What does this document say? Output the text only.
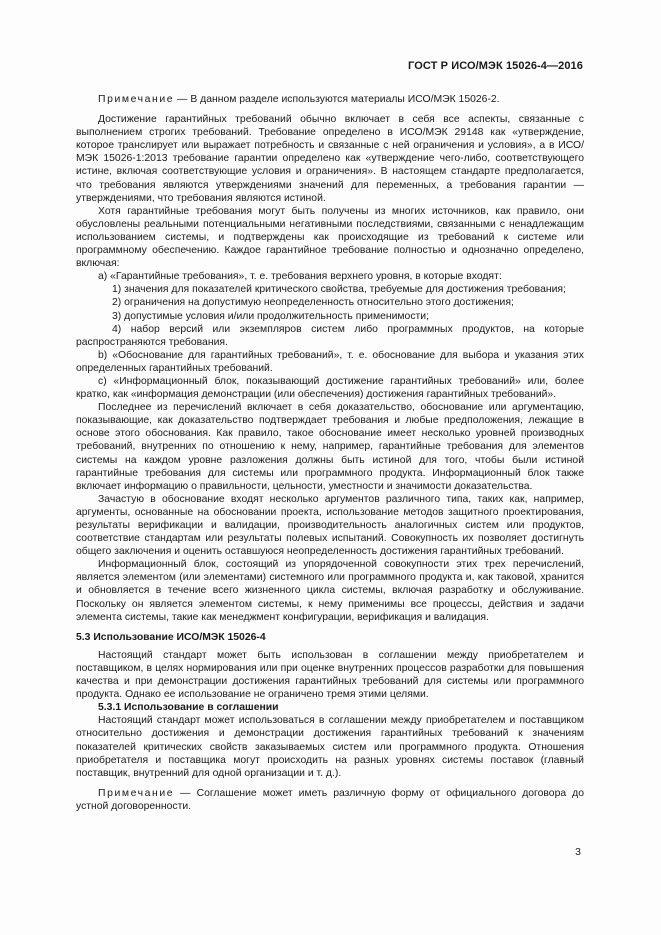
ГОСТ Р ИСО/МЭК 15026-4—2016

Примечание — В данном разделе используются материалы ИСО/МЭК 15026-2.

Достижение гарантийных требований обычно включает в себя все аспекты, связанные с выполнением строгих требований. Требование определено в ИСО/МЭК 29148 как «утверждение, которое транслирует или выражает потребность и связанные с ней ограничения и условия», а в ИСО/МЭК 15026-1:2013 требование гарантии определено как «утверждение чего-либо, соответствующего истине, включая соответствующие условия и ограничения». В настоящем стандарте предполагается, что требования являются утверждениями значений для переменных, а требования гарантии — утверждениями, что требования являются истиной.

Хотя гарантийные требования могут быть получены из многих источников, как правило, они обусловлены реальными потенциальными негативными последствиями, связанными с ненадлежащим использованием системы, и подтверждены как происходящие из требований к системе или программному обеспечению. Каждое гарантийное требование полностью и однозначно определено, включая:

a) «Гарантийные требования», т. е. требования верхнего уровня, в которые входят:

1) значения для показателей критического свойства, требуемые для достижения требования;

2) ограничения на допустимую неопределенность относительно этого достижения;

3) допустимые условия и/или продолжительность применимости;

4) набор версий или экземпляров систем либо программных продуктов, на которые распространяются требования.

b) «Обоснование для гарантийных требований», т. е. обоснование для выбора и указания этих определенных гарантийных требований.

c) «Информационный блок, показывающий достижение гарантийных требований» или, более кратко, как «информация демонстрации (или обеспечения) достижения гарантийных требований».

Последнее из перечислений включает в себя доказательство, обоснование или аргументацию, показывающие, как доказательство подтверждает требования и любые предположения, лежащие в основе этого обоснования. Как правило, такое обоснование имеет несколько уровней производных требований, внутренних по отношению к нему, например, гарантийные требования для элементов системы на каждом уровне разложения должны быть истиной для того, чтобы были истиной гарантийные требования для системы или программного продукта. Информационный блок также включает информацию о правильности, цельности, уместности и значимости доказательства.

Зачастую в обоснование входят несколько аргументов различного типа, таких как, например, аргументы, основанные на обосновании проекта, использование методов защитного проектирования, результаты верификации и валидации, производительность аналогичных систем или продуктов, соответствие стандартам или результаты полевых испытаний. Совокупность их позволяет достигнуть общего заключения и оценить оставшуюся неопределенность достижения гарантийных требований.

Информационный блок, состоящий из упорядоченной совокупности этих трех перечислений, является элементом (или элементами) системного или программного продукта и, как таковой, хранится и обновляется в течение всего жизненного цикла системы, включая разработку и обслуживание. Поскольку он является элементом системы, к нему применимы все процессы, действия и задачи элемента системы, такие как менеджмент конфигурации, верификация и валидация.

5.3 Использование ИСО/МЭК 15026-4

Настоящий стандарт может быть использован в соглашении между приобретателем и поставщиком, в целях нормирования или при оценке внутренних процессов разработки для повышения качества и при демонстрации достижения гарантийных требований для системы или программного продукта. Однако ее использование не ограничено тремя этими целями.

5.3.1 Использование в соглашении

Настоящий стандарт может использоваться в соглашении между приобретателем и поставщиком относительно достижения и демонстрации достижения гарантийных требований к значениям показателей критических свойств заказываемых систем или программного продукта. Отношения приобретателя и поставщика могут происходить на разных уровнях системы поставок (главный поставщик, внутренний для одной организации и т. д.).

Примечание — Соглашение может иметь различную форму от официального договора до устной договоренности.

3
